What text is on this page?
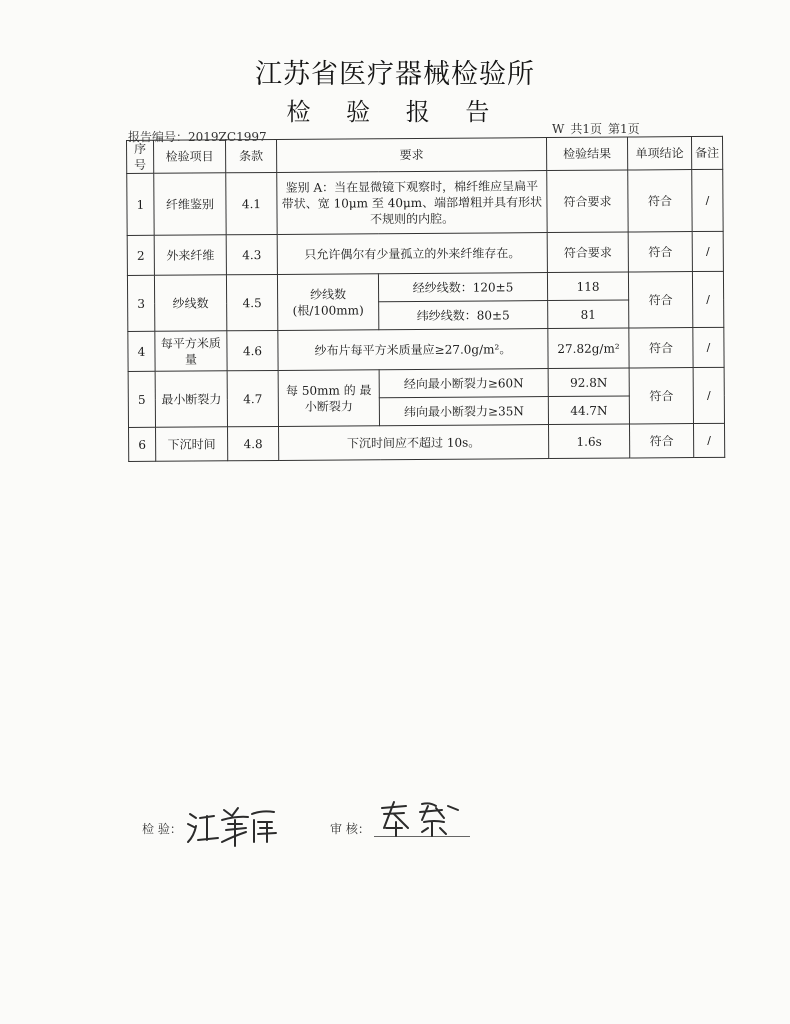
江苏省医疗器械检验所
检 验 报 告
报告编号：2019ZC1997
W 共1页 第1页
序号	检验项目	条款	要求		检验结果	单项结论	备注
1	纤维鉴别	4.1	鉴别 A：当在显微镜下观察时，棉纤维应呈扁平带状、宽 10μm 至 40μm、端部增粗并具有形状不规则的内腔。		符合要求	符合	/
2	外来纤维	4.3	只允许偶尔有少量孤立的外来纤维存在。		符合要求	符合	/
3	纱线数	4.5	纱线数(根/100mm)	经纱线数：120±5	118	符合	/
				纬纱线数：80±5	81		
4	每平方米质量	4.6	纱布片每平方米质量应≥27.0g/m²。		27.82g/m²	符合	/
5	最小断裂力	4.7	每 50mm 的 最小断裂力	经向最小断裂力≥60N	92.8N	符合	/
				纬向最小断裂力≥35N	44.7N		
6	下沉时间	4.8	下沉时间应不超过 10s。		1.6s	符合	/
检 验：	审 核：
